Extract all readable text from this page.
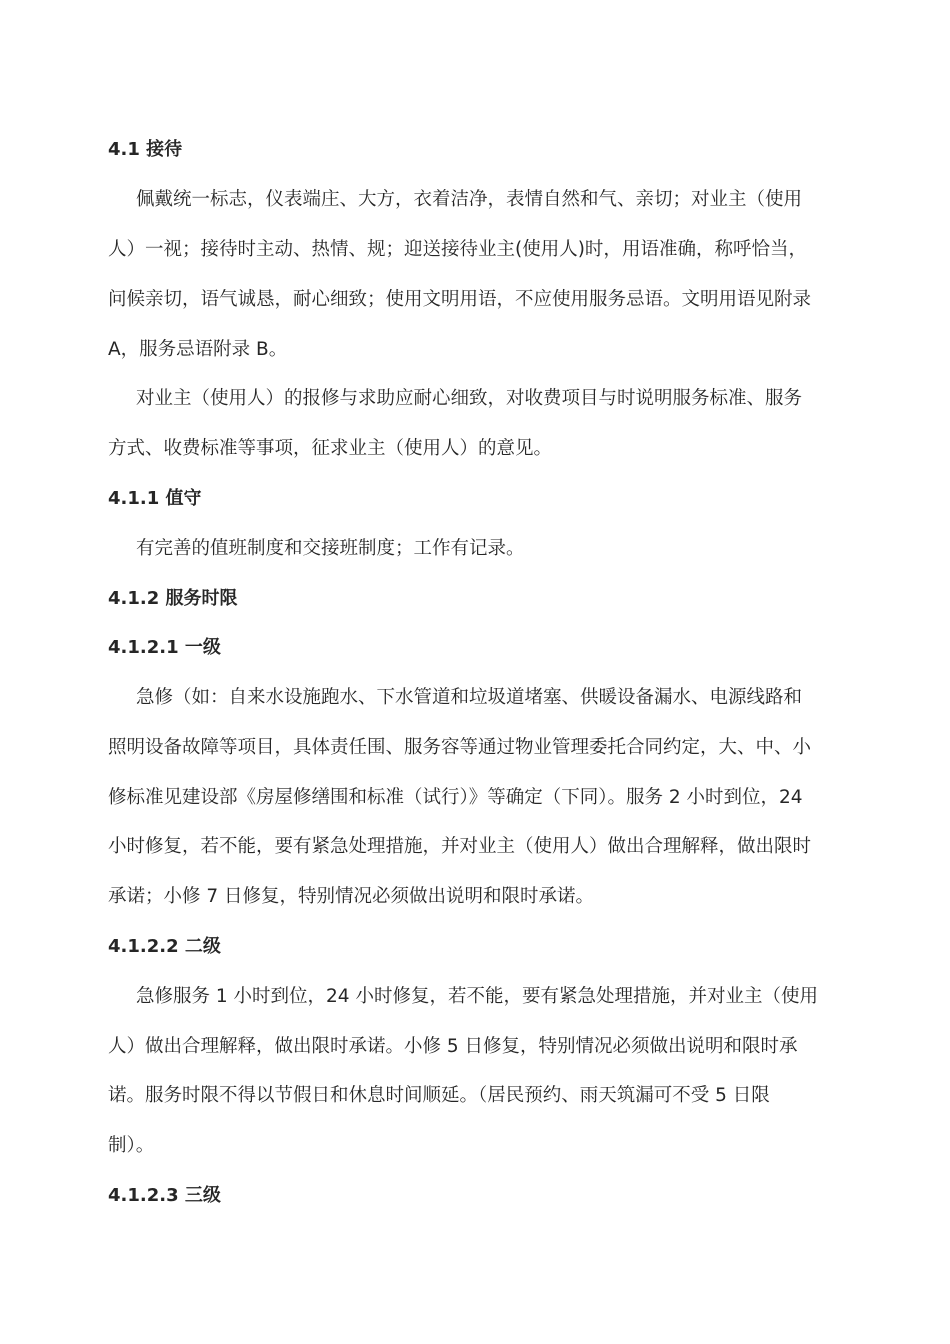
4.1 接待
佩戴统一标志，仪表端庄、大方，衣着洁净，表情自然和气、亲切；对业主（使用
人）一视；接待时主动、热情、规；迎送接待业主(使用人)时，用语准确，称呼恰当，
问候亲切，语气诚恳，耐心细致；使用文明用语，不应使用服务忌语。文明用语见附录
A，服务忌语附录 B。
对业主（使用人）的报修与求助应耐心细致，对收费项目与时说明服务标准、服务
方式、收费标准等事项，征求业主（使用人）的意见。
4.1.1 值守
有完善的值班制度和交接班制度；工作有记录。
4.1.2 服务时限
4.1.2.1 一级
急修（如：自来水设施跑水、下水管道和垃圾道堵塞、供暖设备漏水、电源线路和
照明设备故障等项目，具体责任围、服务容等通过物业管理委托合同约定，大、中、小
修标准见建设部《房屋修缮围和标准（试行）》等确定（下同）。服务 2 小时到位，24
小时修复，若不能，要有紧急处理措施，并对业主（使用人）做出合理解释，做出限时
承诺；小修 7 日修复，特别情况必须做出说明和限时承诺。
4.1.2.2 二级
急修服务 1 小时到位，24 小时修复，若不能，要有紧急处理措施，并对业主（使用
人）做出合理解释，做出限时承诺。小修 5 日修复，特别情况必须做出说明和限时承
诺。服务时限不得以节假日和休息时间顺延。（居民预约、雨天筑漏可不受 5 日限
制）。
4.1.2.3 三级
